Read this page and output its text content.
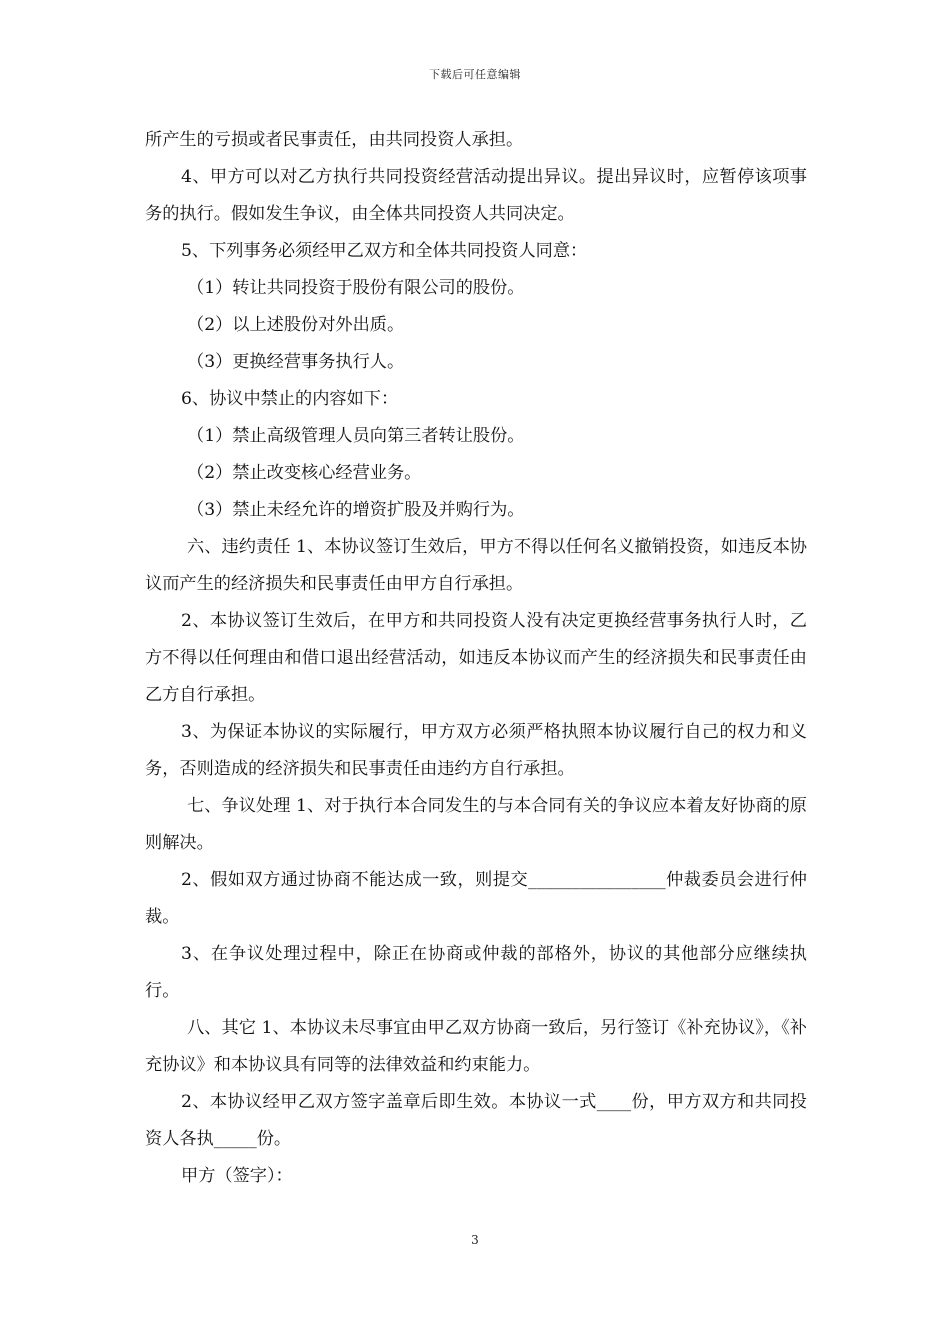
下载后可任意编辑

所产生的亏损或者民事责任，由共同投资人承担。

4、甲方可以对乙方执行共同投资经营活动提出异议。提出异议时，应暂停该项事务的执行。假如发生争议，由全体共同投资人共同决定。

5、下列事务必须经甲乙双方和全体共同投资人同意：

（1）转让共同投资于股份有限公司的股份。

（2）以上述股份对外出质。

（3）更换经营事务执行人。

6、协议中禁止的内容如下：

（1）禁止高级管理人员向第三者转让股份。

（2）禁止改变核心经营业务。

（3）禁止未经允许的增资扩股及并购行为。

六、违约责任 1、本协议签订生效后，甲方不得以任何名义撤销投资，如违反本协议而产生的经济损失和民事责任由甲方自行承担。

2、本协议签订生效后，在甲方和共同投资人没有决定更换经营事务执行人时，乙方不得以任何理由和借口退出经营活动，如违反本协议而产生的经济损失和民事责任由乙方自行承担。

3、为保证本协议的实际履行，甲方双方必须严格执照本协议履行自己的权力和义务，否则造成的经济损失和民事责任由违约方自行承担。

七、争议处理 1、对于执行本合同发生的与本合同有关的争议应本着友好协商的原则解决。

2、假如双方通过协商不能达成一致，则提交________________仲裁委员会进行仲裁。

3、在争议处理过程中，除正在协商或仲裁的部格外，协议的其他部分应继续执行。

八、其它 1、本协议未尽事宜由甲乙双方协商一致后，另行签订《补充协议》，《补充协议》和本协议具有同等的法律效益和约束能力。

2、本协议经甲乙双方签字盖章后即生效。本协议一式____份，甲方双方和共同投资人各执_____份。

甲方（签字）：

3
